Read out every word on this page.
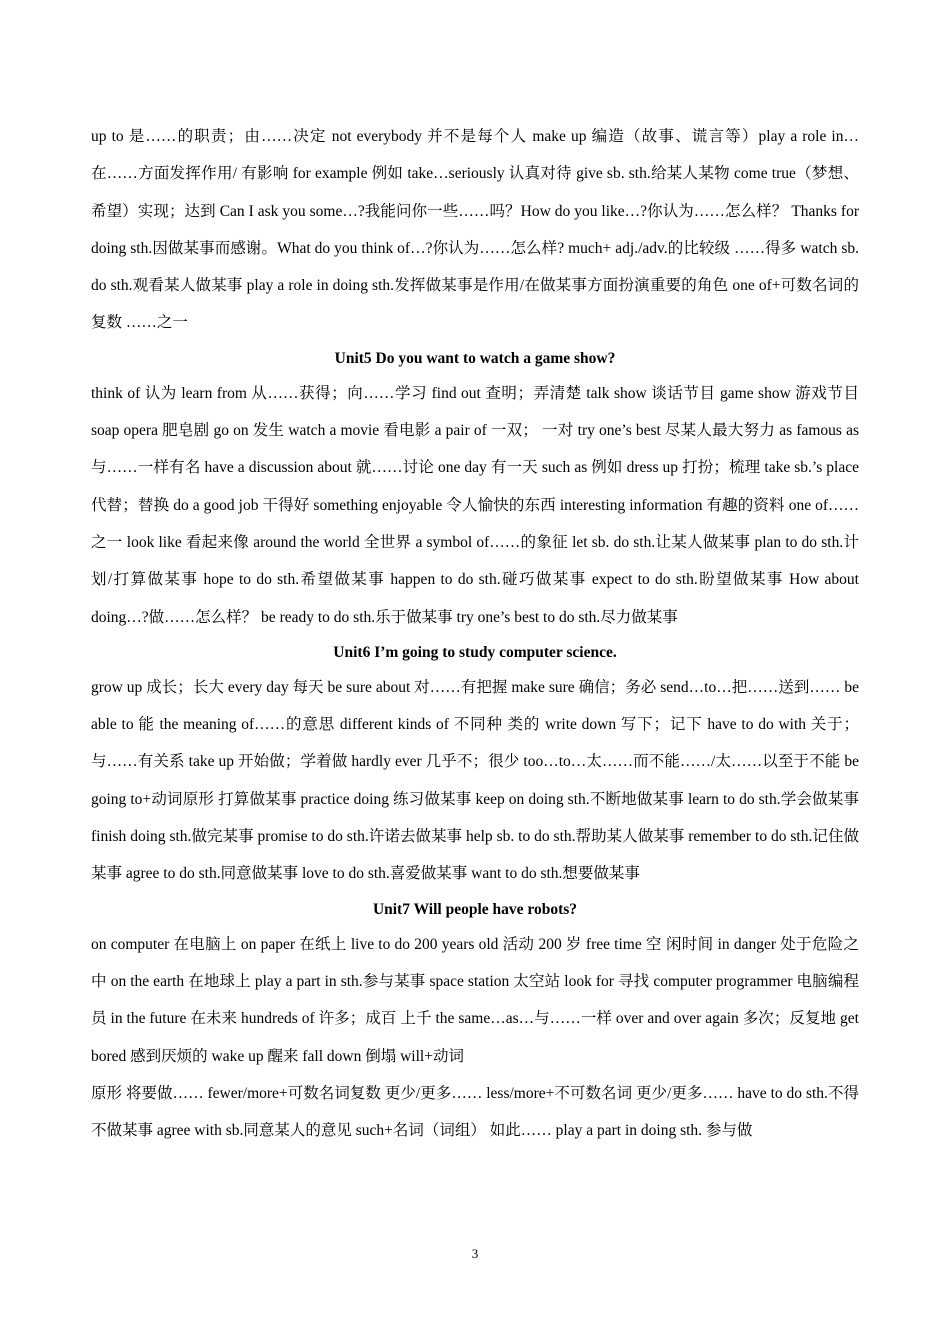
up to 是……的职责；由……决定 not everybody 并不是每个人 make up 编造（故事、谎言等）play a role in…在……方面发挥作用/ 有影响 for example 例如 take…seriously 认真对待 give sb. sth.给某人某物 come true（梦想、希望）实现；达到 Can I ask you some…?我能问你一些……吗？How do you like…?你认为……怎么样？ Thanks for doing sth.因做某事而感谢。What do you think of…?你认为……怎么样? much+ adj./adv.的比较级 ……得多 watch sb. do sth.观看某人做某事 play a role in doing sth.发挥做某事是作用/在做某事方面扮演重要的角色 one of+可数名词的复数 ……之一

Unit5 Do you want to watch a game show?

think of 认为 learn from 从……获得；向……学习 find out 查明；弄清楚 talk show 谈话节目 game show 游戏节目 soap opera 肥皂剧 go on 发生 watch a movie 看电影 a pair of 一双； 一对 try one’s best 尽某人最大努力 as famous as 与……一样有名 have a discussion about 就……讨论 one day 有一天 such as 例如 dress up 打扮；梳理 take sb.’s place 代替；替换 do a good job 干得好 something enjoyable 令人愉快的东西 interesting information 有趣的资料 one of……之一 look like 看起来像 around the world 全世界 a symbol of……的象征 let sb. do sth.让某人做某事 plan to do sth.计划/打算做某事 hope to do sth.希望做某事 happen to do sth.碰巧做某事 expect to do sth.盼望做某事 How about doing…?做……怎么样？ be ready to do sth.乐于做某事 try one’s best to do sth.尽力做某事

Unit6 I’m going to study computer science.

grow up 成长；长大 every day 每天 be sure about 对……有把握 make sure 确信；务必 send…to…把……送到…… be able to 能 the meaning of……的意思 different kinds of 不同种 类的 write down 写下；记下 have to do with 关于；与……有关系 take up 开始做；学着做 hardly ever 几乎不；很少 too…to…太……而不能……/太……以至于不能 be going to+动词原形 打算做某事 practice doing 练习做某事 keep on doing sth.不断地做某事 learn to do sth.学会做某事 finish doing sth.做完某事 promise to do sth.许诺去做某事 help sb. to do sth.帮助某人做某事 remember to do sth.记住做某事 agree to do sth.同意做某事 love to do sth.喜爱做某事 want to do sth.想要做某事

Unit7 Will people have robots?

on computer 在电脑上 on paper 在纸上 live to do 200 years old 活动 200 岁 free time 空 闲时间 in danger 处于危险之中 on the earth 在地球上 play a part in sth.参与某事 space station 太空站 look for 寻找 computer programmer 电脑编程员 in the future 在未来 hundreds of 许多；成百 上千 the same…as…与……一样 over and over again 多次；反复地 get bored 感到厌烦的 wake up 醒来 fall down 倒塌 will+动词

原形 将要做…… fewer/more+可数名词复数 更少/更多…… less/more+不可数名词 更少/更多…… have to do sth.不得不做某事 agree with sb.同意某人的意见 such+名词（词组） 如此…… play a part in doing sth. 参与做

3
